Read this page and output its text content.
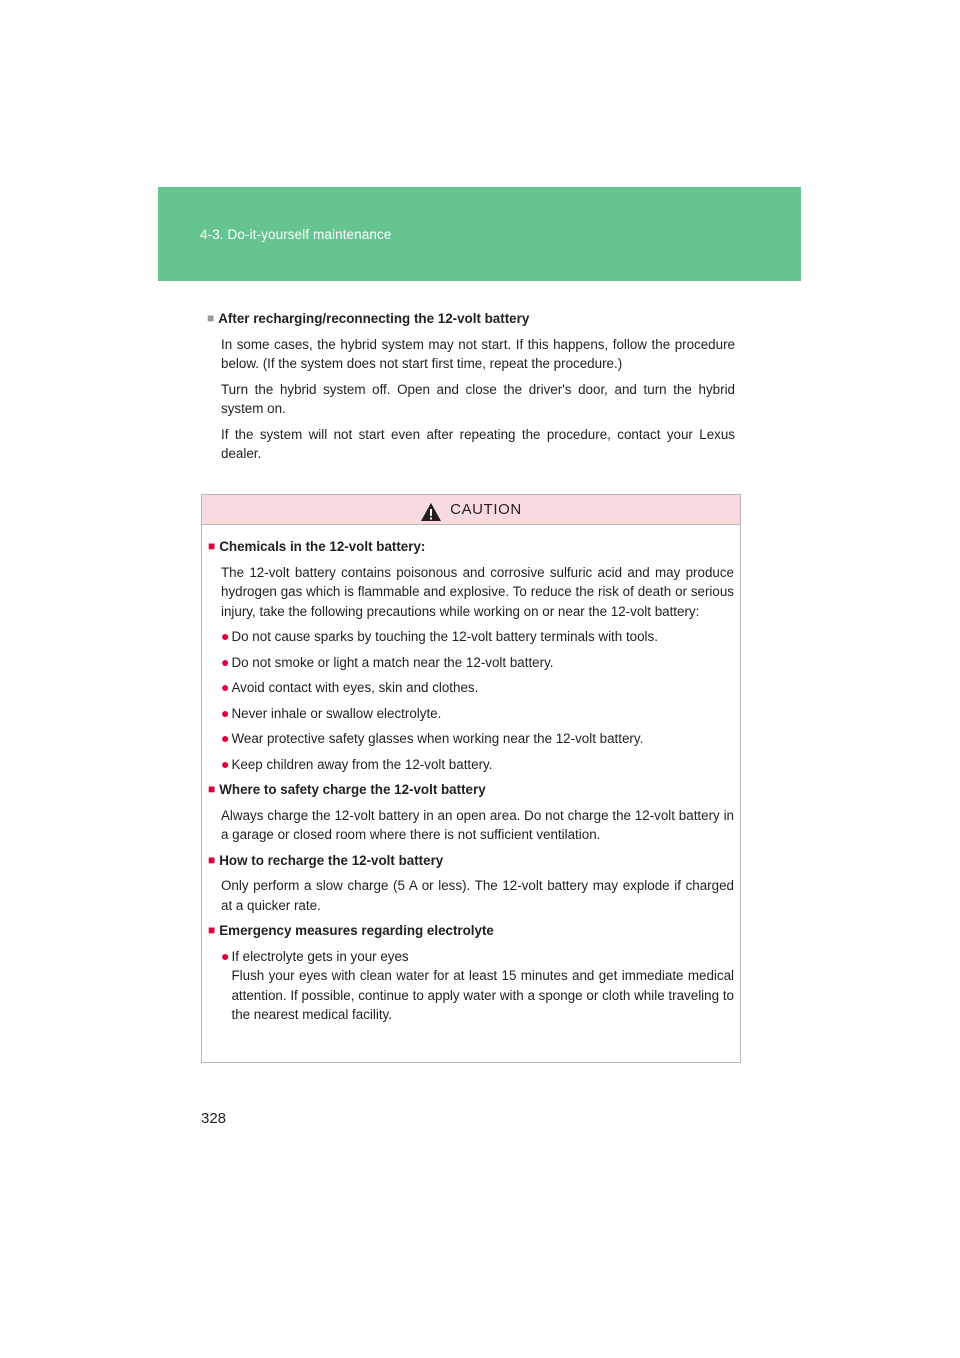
4-3. Do-it-yourself maintenance
■ After recharging/reconnecting the 12-volt battery

In some cases, the hybrid system may not start. If this happens, follow the procedure below. (If the system does not start first time, repeat the procedure.)

Turn the hybrid system off. Open and close the driver's door, and turn the hybrid system on.

If the system will not start even after repeating the procedure, contact your Lexus dealer.

CAUTION
■ Chemicals in the 12-volt battery:

The 12-volt battery contains poisonous and corrosive sulfuric acid and may produce hydrogen gas which is flammable and explosive. To reduce the risk of death or serious injury, take the following precautions while working on or near the 12-volt battery:

● Do not cause sparks by touching the 12-volt battery terminals with tools.
● Do not smoke or light a match near the 12-volt battery.
● Avoid contact with eyes, skin and clothes.
● Never inhale or swallow electrolyte.
● Wear protective safety glasses when working near the 12-volt battery.
● Keep children away from the 12-volt battery.
■ Where to safety charge the 12-volt battery

Always charge the 12-volt battery in an open area. Do not charge the 12-volt battery in a garage or closed room where there is not sufficient ventilation.

■ How to recharge the 12-volt battery

Only perform a slow charge (5 A or less). The 12-volt battery may explode if charged at a quicker rate.

■ Emergency measures regarding electrolyte
● If electrolyte gets in your eyes
Flush your eyes with clean water for at least 15 minutes and get immediate medical attention. If possible, continue to apply water with a sponge or cloth while traveling to the nearest medical facility.
328
